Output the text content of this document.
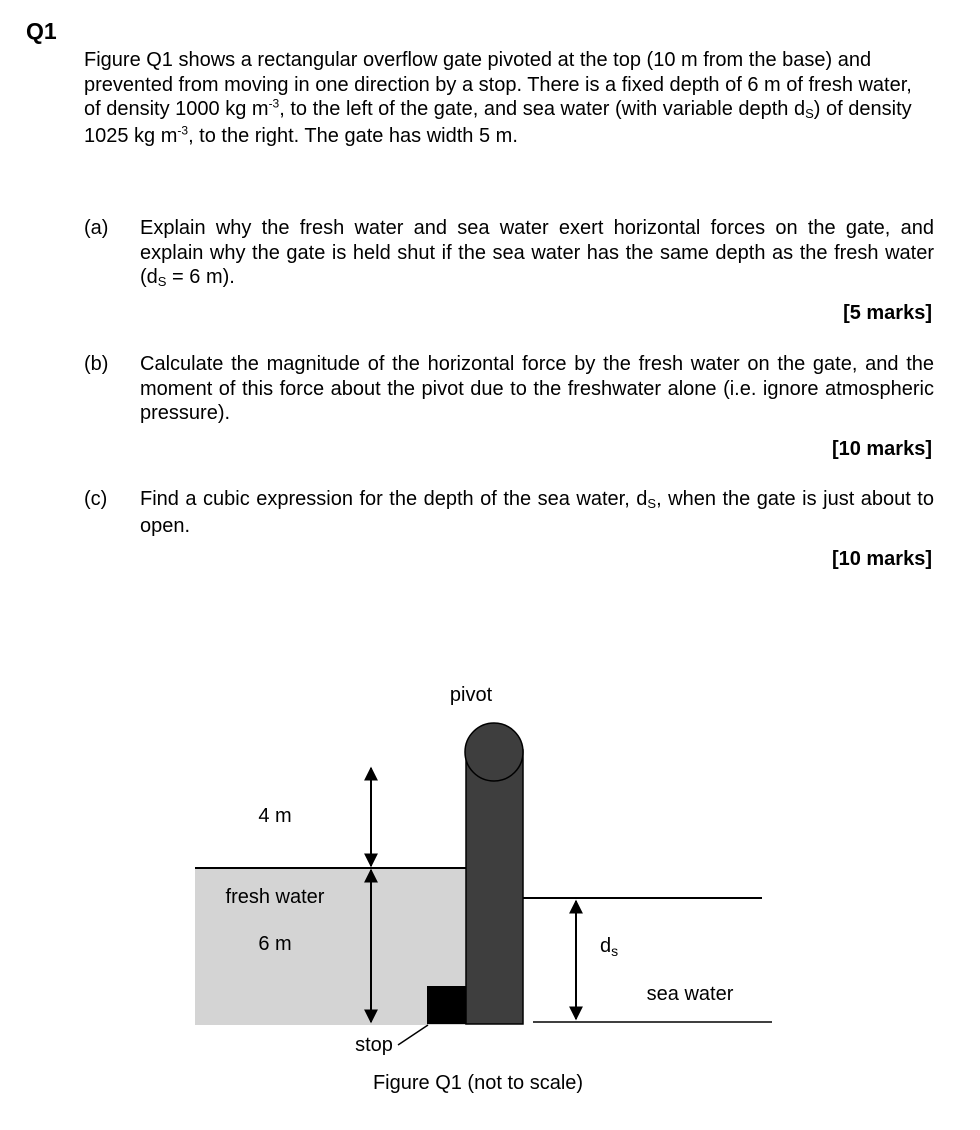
Q1

Figure Q1 shows a rectangular overflow gate pivoted at the top (10 m from the base) and prevented from moving in one direction by a stop. There is a fixed depth of 6 m of fresh water, of density 1000 kg $m^{-3}$, to the left of the gate, and sea water (with variable depth dS) of density 1025 kg $m^{-3}$, to the right. The gate has width 5 m.

(a) Explain why the fresh water and sea water exert horizontal forces on the gate, and explain why the gate is held shut if the sea water has the same depth as the fresh water (dS = 6 m).
[5 marks]
(b) Calculate the magnitude of the horizontal force by the fresh water on the gate, and the moment of this force about the pivot due to the freshwater alone (i.e. ignore atmospheric pressure).
[10 marks]
(c) Find a cubic expression for the depth of the sea water, dS, when the gate is just about to open.
[10 marks]
pivot
4 m
fresh water
6 m	$d_s$
sea water
stop
Figure Q1 (not to scale)
